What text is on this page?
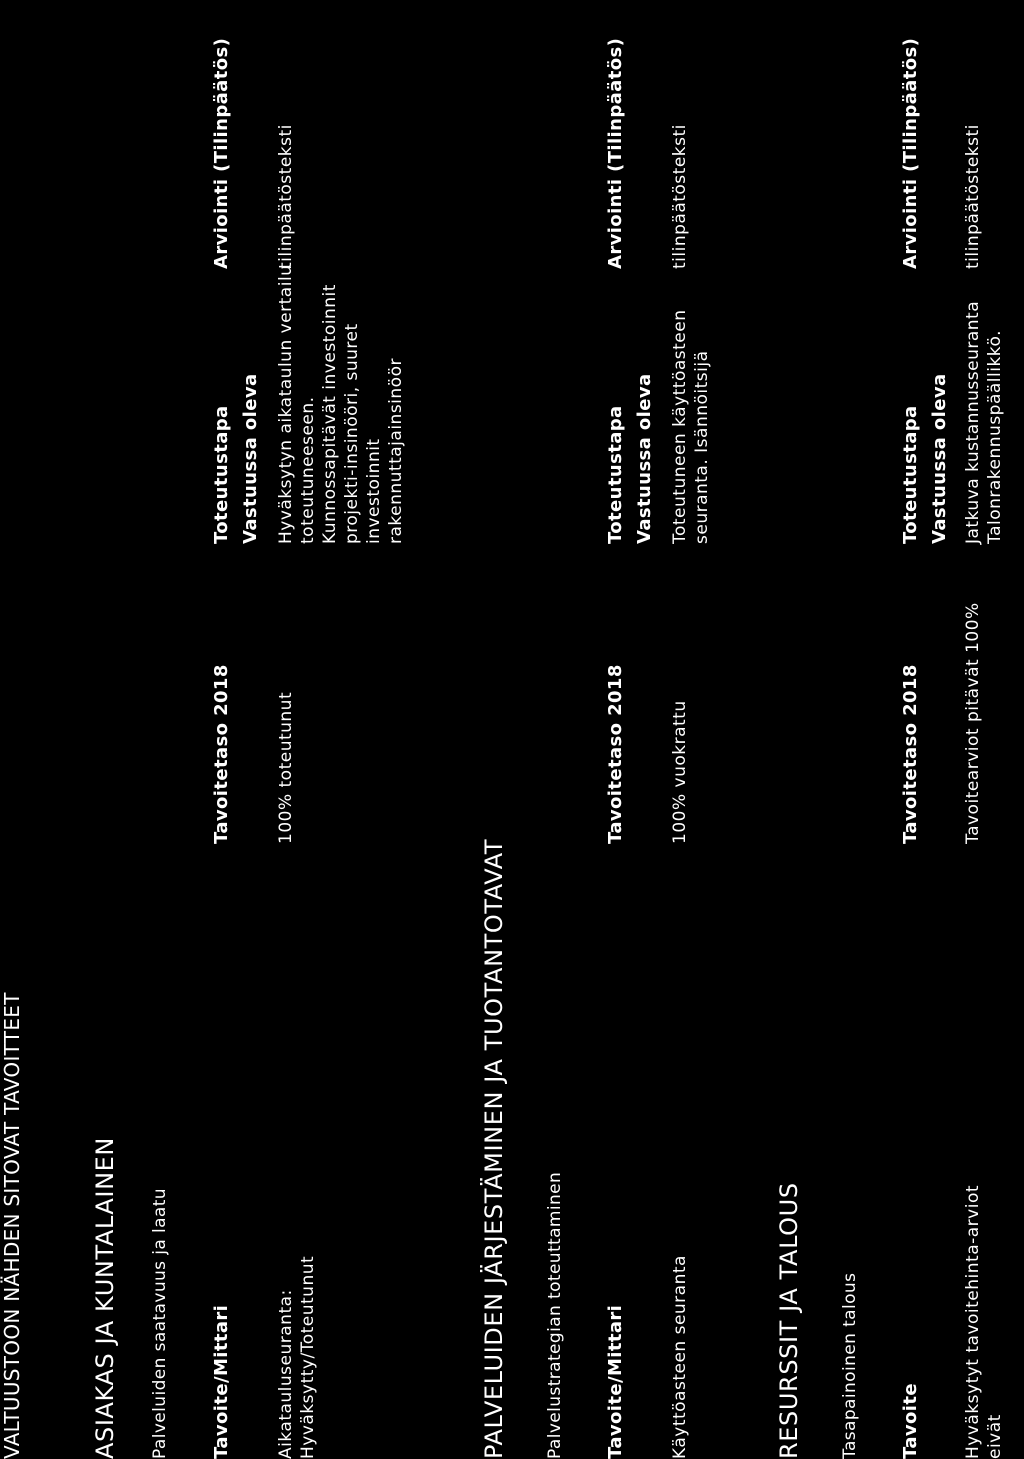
VALTUUSTOON NÄHDEN SITOVAT TAVOITTEET	ASIAKAS JA KUNTALAINEN Palveluiden saatavuus ja laatu Tavoite/Mittari
Tavoitetaso 2018
Toteutustapa Vastuussa oleva
Arviointi (Tilinpäätös)
Aikatauluseuranta:
Hyväksytty/Toteutunut
100% toteutunut
Hyväksytyn aikataulun vertailu
toteutuneeseen.
Kunnossapitävät investoinnit
projekti-insinööri, suuret
investoinnit
rakennuttajainsinöör
tilinpäätösteksti
PALVELUIDEN JÄRJESTÄMINEN JA TUOTANTOTAVAT Palvelustrategian toteuttaminen Tavoite/Mittari
Tavoitetaso 2018
Toteutustapa Vastuussa oleva
Arviointi (Tilinpäätös)
Käyttöasteen seuranta
100% vuokrattu
Toteutuneen käyttöasteen
seuranta. Isännöitsijä
tilinpäätösteksti
RESURSSIT JA TALOUS Tasapainoinen talous Tavoite
Tavoitetaso 2018
Toteutustapa Vastuussa oleva
Arviointi (Tilinpäätös)
Hyväksytyt tavoitehinta-arviot
eivät
Tavoitearviot pitävät 100%
Jatkuva kustannusseuranta
Talonrakennuspäällikkö.
tilinpäätösteksti
